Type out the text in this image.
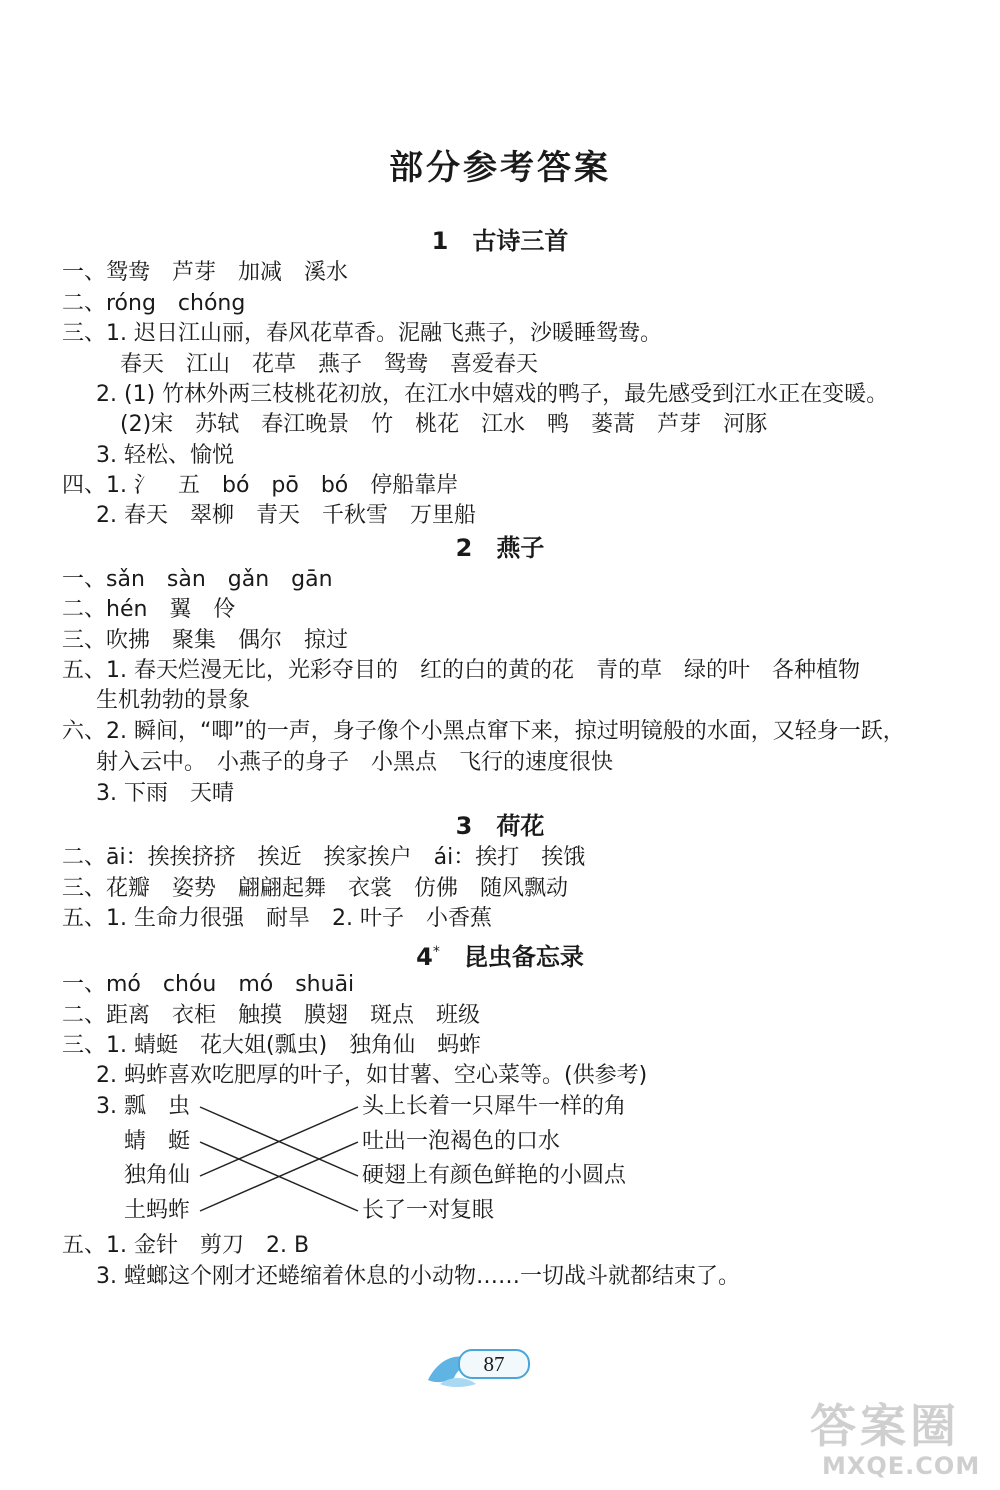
部分参考答案
1　古诗三首
一、鸳鸯　芦芽　加减　溪水
二、róng　chóng
三、1. 迟日江山丽，春风花草香。泥融飞燕子，沙暖睡鸳鸯。
春天　江山　花草　燕子　鸳鸯　喜爱春天
2. (1) 竹林外两三枝桃花初放，在江水中嬉戏的鸭子，最先感受到江水正在变暖。
(2)宋　苏轼　春江晚景　竹　桃花　江水　鸭　蒌蒿　芦芽　河豚
3. 轻松、愉悦
四、1. 氵　五　bó　pō　bó　停船靠岸
2. 春天　翠柳　青天　千秋雪　万里船
2　燕子
一、sǎn　sàn　gǎn　gān
二、hén　翼　伶
三、吹拂　聚集　偶尔　掠过
五、1. 春天烂漫无比，光彩夺目的　红的白的黄的花　青的草　绿的叶　各种植物
生机勃勃的景象
六、2. 瞬间，“唧”的一声，身子像个小黑点窜下来，掠过明镜般的水面，又轻身一跃，
射入云中。　小燕子的身子　小黑点　飞行的速度很快
3. 下雨　天晴
3　荷花
二、āi：挨挨挤挤　挨近　挨家挨户　ái：挨打　挨饿
三、花瓣　姿势　翩翩起舞　衣裳　仿佛　随风飘动
五、1. 生命力很强　耐旱　2. 叶子　小香蕉
4*　 昆虫备忘录
一、mó　chóu　mó　shuāi
二、距离　衣柜　触摸　膜翅　斑点　班级
三、1. 蜻蜓　花大姐(瓢虫)　独角仙　蚂蚱
2. 蚂蚱喜欢吃肥厚的叶子，如甘薯、空心菜等。(供参考)
3. 瓢　虫
蜻　蜓
独角仙
土蚂蚱
头上长着一只犀牛一样的角
吐出一泡褐色的口水
硬翅上有颜色鲜艳的小圆点
长了一对复眼
五、1. 金针　剪刀　2. B
3. 螳螂这个刚才还蜷缩着休息的小动物……一切战斗就都结束了。
87
答案圈
MXQE.COM
